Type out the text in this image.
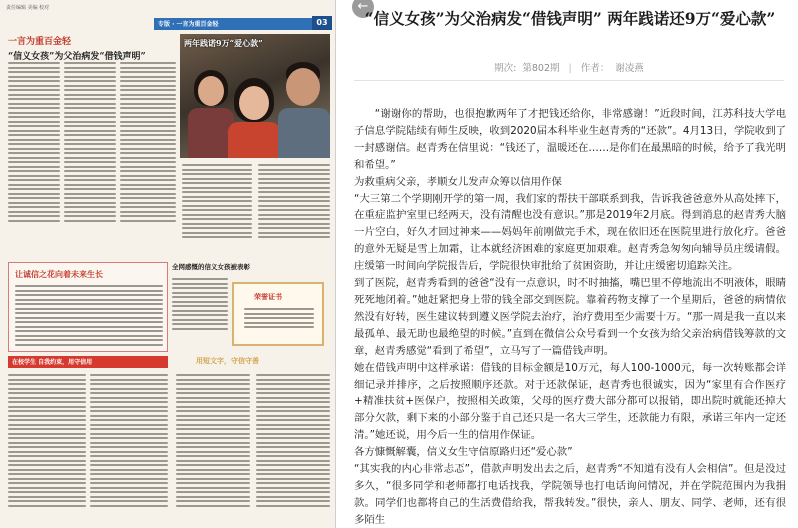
责任编辑 美编 校对
专版 · 一言为重百金轻	03
一言为重百金轻
“信义女孩”为父治病发“借钱声明”
两年践诺9万“爱心款”
让诚信之花向着未来生长
全网感慨的信义女孩被表彰
荣誉证书
在校学生 自我约束，用守信用	用短文字，守信守善
←
“信义女孩”为父治病发“借钱声明” 两年践诺还9万“爱心款”
期次: 第802期 | 作者： 谢凌燕

“谢谢你的帮助，也很抱歉两年了才把钱还给你，非常感谢！”近段时间，江苏科技大学电子信息学院陆续有师生反映，收到2020届本科毕业生赵青秀的“还款”。4月13日，学院收到了一封感谢信。赵青秀在信里说：“钱还了，温暖还在……是你们在最黑暗的时候，给予了我光明和希望。”

为救重病父亲，孝顺女儿发声众筹以信用作保

“大三第二个学期刚开学的第一周，我们家的帮扶干部联系到我，告诉我爸爸意外从高处摔下，在重症监护室里已经两天，没有清醒也没有意识。”那是2019年2月底。得到消息的赵青秀大脑一片空白，好久才回过神来——妈妈年前刚做完手术，现在依旧还在医院里进行放化疗。爸爸的意外无疑是雪上加霜，让本就经济困难的家庭更加艰难。赵青秀急匆匆向辅导员庄缓请假。庄缓第一时间向学院报告后，学院很快审批给了贫困资助，并让庄缓密切追踪关注。

到了医院，赵青秀看到的爸爸“没有一点意识，时不时抽搐，嘴巴里不停地流出不明液体，眼睛死死地闭着。”她赶紧把身上带的钱全部交到医院。靠着药物支撑了一个星期后，爸爸的病情依然没有好转，医生建议转到遵义医学院去治疗，治疗费用至少需要十万。“那一周是我一直以来最孤单、最无助也最绝望的时候。”直到在微信公众号看到一个女孩为给父亲治病借钱筹款的文章，赵青秀感觉“看到了希望”，立马写了一篇借钱声明。

她在借钱声明中这样承诺：借钱的目标金额是10万元，每人100-1000元，每一次转账都会详细记录并排序，之后按照顺序还款。对于还款保证，赵青秀也很诚实，因为“家里有合作医疗+精准扶贫+医保户，按照相关政策，父母的医疗费大部分都可以报销，即出院时就能还掉大部分欠款，剩下来的小部分鉴于自己还只是一名大三学生，还款能力有限，承诺三年内一定还清。”她还说，用今后一生的信用作保证。

各方慷慨解囊，信义女生守信原路归还“爱心款”

“其实我的内心非常忐忑”，借款声明发出去之后，赵青秀“不知道有没有人会相信”。但是没过多久，“很多同学和老师都打电话找我，学院领导也打电话询问情况，并在学院范围内为我捐款。同学们也都将自己的生活费借给我，帮我转发。”很快，亲人、朋友、同学、老师，还有很多陌生
